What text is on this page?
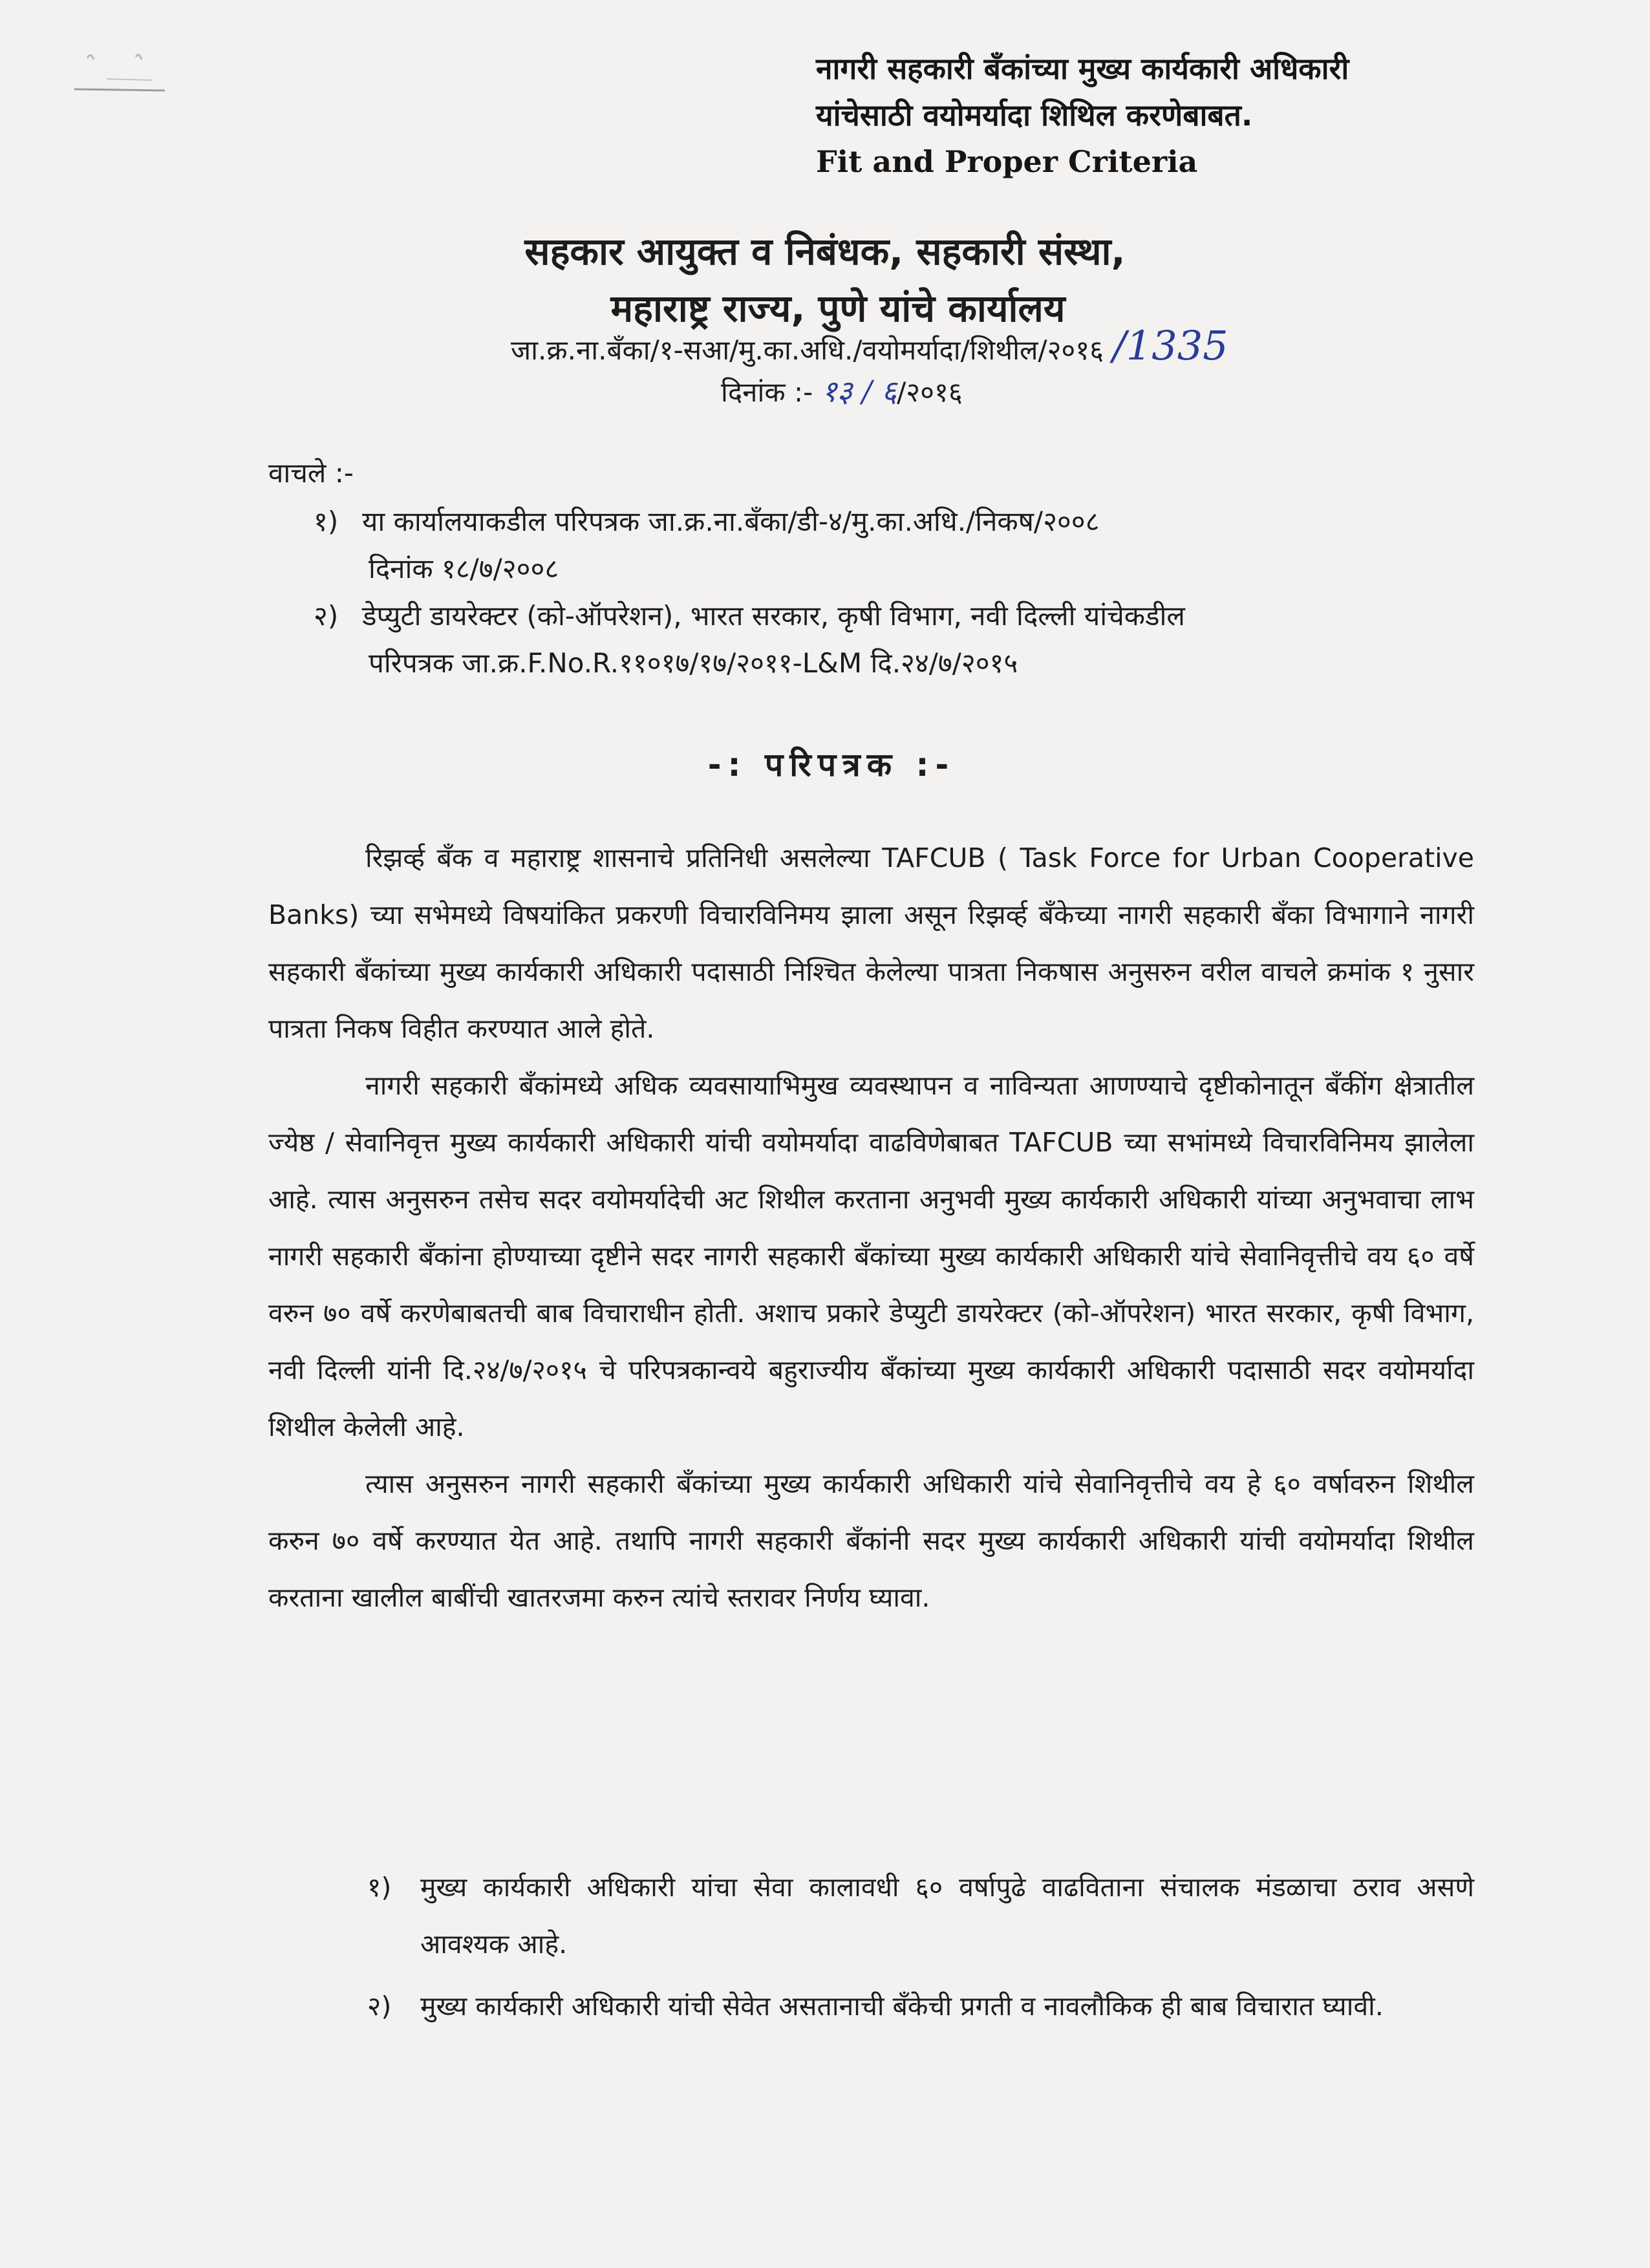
नागरी सहकारी बँकांच्या मुख्य कार्यकारी अधिकारी
यांचेसाठी वयोमर्यादा शिथिल करणेबाबत.
Fit and Proper Criteria
सहकार आयुक्त व निबंधक, सहकारी संस्था,
महाराष्ट्र राज्य, पुणे यांचे कार्यालय
जा.क्र.ना.बँका/१-सआ/मु.का.अधि./वयोमर्यादा/शिथील/२०१६ /1335
दिनांक :- १३ / ६/२०१६
वाचले :-
१) या कार्यालयाकडील परिपत्रक जा.क्र.ना.बँका/डी-४/मु.का.अधि./निकष/२००८
दिनांक १८/७/२००८
२) डेप्युटी डायरेक्टर (को-ऑपरेशन), भारत सरकार, कृषी विभाग, नवी दिल्ली यांचेकडील
परिपत्रक जा.क्र.F.No.R.११०१७/१७/२०११-L&M दि.२४/७/२०१५
-: परिपत्रक :-

रिझर्व्ह बँक व महाराष्ट्र शासनाचे प्रतिनिधी असलेल्या TAFCUB ( Task Force for Urban Cooperative Banks) च्या सभेमध्ये विषयांकित प्रकरणी विचारविनिमय झाला असून रिझर्व्ह बँकेच्या नागरी सहकारी बँका विभागाने नागरी सहकारी बँकांच्या मुख्य कार्यकारी अधिकारी पदासाठी निश्चित केलेल्या पात्रता निकषास अनुसरुन वरील वाचले क्रमांक १ नुसार पात्रता निकष विहीत करण्यात आले होते.

नागरी सहकारी बँकांमध्ये अधिक व्यवसायाभिमुख व्यवस्थापन व नाविन्यता आणण्याचे दृष्टीकोनातून बँकींग क्षेत्रातील ज्येष्ठ / सेवानिवृत्त मुख्य कार्यकारी अधिकारी यांची वयोमर्यादा वाढविणेबाबत TAFCUB च्या सभांमध्ये विचारविनिमय झालेला आहे. त्यास अनुसरुन तसेच सदर वयोमर्यादेची अट शिथील करताना अनुभवी मुख्य कार्यकारी अधिकारी यांच्या अनुभवाचा लाभ नागरी सहकारी बँकांना होण्याच्या दृष्टीने सदर नागरी सहकारी बँकांच्या मुख्य कार्यकारी अधिकारी यांचे सेवानिवृत्तीचे वय ६० वर्षे वरुन ७० वर्षे करणेबाबतची बाब विचाराधीन होती. अशाच प्रकारे डेप्युटी डायरेक्टर (को-ऑपरेशन) भारत सरकार, कृषी विभाग, नवी दिल्ली यांनी दि.२४/७/२०१५ चे परिपत्रकान्वये बहुराज्यीय बँकांच्या मुख्य कार्यकारी अधिकारी पदासाठी सदर वयोमर्यादा शिथील केलेली आहे.

त्यास अनुसरुन नागरी सहकारी बँकांच्या मुख्य कार्यकारी अधिकारी यांचे सेवानिवृत्तीचे वय हे ६० वर्षावरुन शिथील करुन ७० वर्षे करण्यात येत आहे. तथापि नागरी सहकारी बँकांनी सदर मुख्य कार्यकारी अधिकारी यांची वयोमर्यादा शिथील करताना खालील बाबींची खातरजमा करुन त्यांचे स्तरावर निर्णय घ्यावा.

१) मुख्य कार्यकारी अधिकारी यांचा सेवा कालावधी ६० वर्षापुढे वाढविताना संचालक मंडळाचा ठराव असणे आवश्यक आहे.
२) मुख्य कार्यकारी अधिकारी यांची सेवेत असतानाची बँकेची प्रगती व नावलौकिक ही बाब विचारात घ्यावी.
